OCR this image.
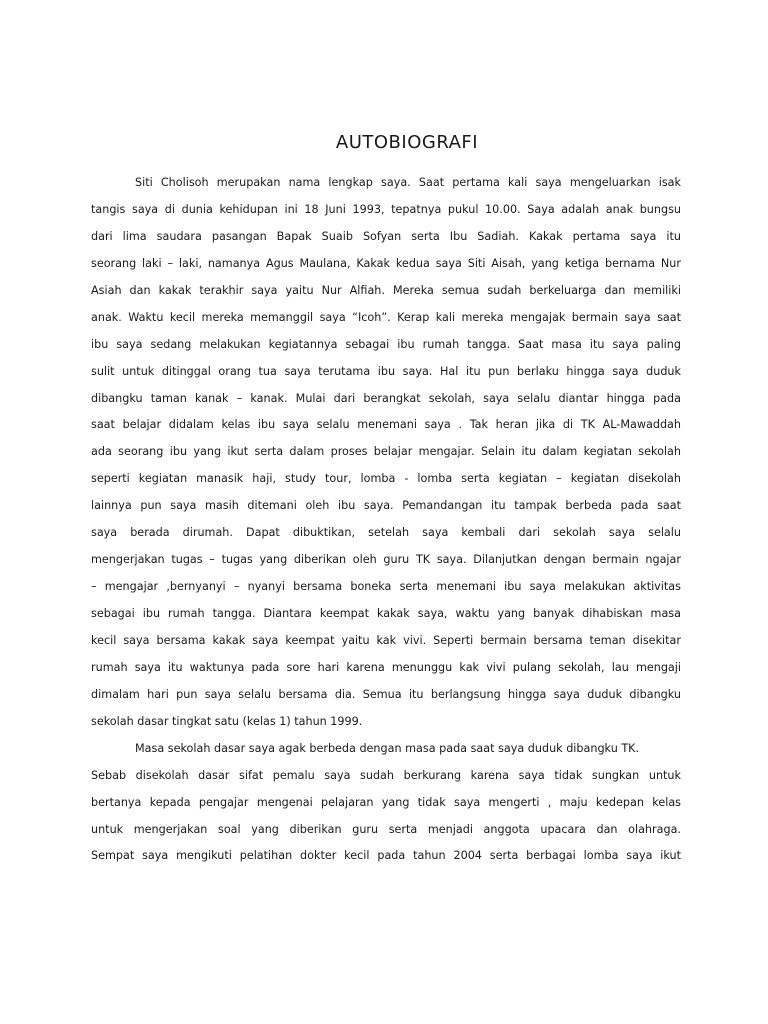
AUTOBIOGRAFI
Siti Cholisoh merupakan nama lengkap saya. Saat pertama kali saya mengeluarkan isak
tangis saya di dunia kehidupan ini 18 Juni 1993, tepatnya pukul 10.00. Saya adalah anak bungsu
dari lima saudara pasangan Bapak Suaib Sofyan serta Ibu Sadiah. Kakak pertama saya itu
seorang laki – laki, namanya Agus Maulana, Kakak kedua saya Siti Aisah, yang ketiga bernama Nur
Asiah dan kakak terakhir saya yaitu Nur Alfiah. Mereka semua sudah berkeluarga dan memiliki
anak. Waktu kecil mereka memanggil saya “Icoh”. Kerap kali mereka mengajak bermain saya saat
ibu saya sedang melakukan kegiatannya sebagai ibu rumah tangga. Saat masa itu saya paling
sulit untuk ditinggal orang tua saya terutama ibu saya. Hal itu pun berlaku hingga saya duduk
dibangku taman kanak – kanak. Mulai dari berangkat sekolah, saya selalu diantar hingga pada
saat belajar didalam kelas ibu saya selalu menemani saya . Tak heran jika di TK AL-Mawaddah
ada seorang ibu yang ikut serta dalam proses belajar mengajar. Selain itu dalam kegiatan sekolah
seperti kegiatan manasik haji, study tour, lomba - lomba serta kegiatan – kegiatan disekolah
lainnya pun saya masih ditemani oleh ibu saya. Pemandangan itu tampak berbeda pada saat
saya berada dirumah. Dapat dibuktikan, setelah saya kembali dari sekolah saya selalu
mengerjakan tugas – tugas yang diberikan oleh guru TK saya. Dilanjutkan dengan bermain ngajar
– mengajar ,bernyanyi – nyanyi bersama boneka serta menemani ibu saya melakukan aktivitas
sebagai ibu rumah tangga. Diantara keempat kakak saya, waktu yang banyak dihabiskan masa
kecil saya bersama kakak saya keempat yaitu kak vivi. Seperti bermain bersama teman disekitar
rumah saya itu waktunya pada sore hari karena menunggu kak vivi pulang sekolah, lau mengaji
dimalam hari pun saya selalu bersama dia. Semua itu berlangsung hingga saya duduk dibangku
sekolah dasar tingkat satu (kelas 1) tahun 1999.
Masa sekolah dasar saya agak berbeda dengan masa pada saat saya duduk dibangku TK.
Sebab disekolah dasar sifat pemalu saya sudah berkurang karena saya tidak sungkan untuk
bertanya kepada pengajar mengenai pelajaran yang tidak saya mengerti , maju kedepan kelas
untuk mengerjakan soal yang diberikan guru serta menjadi anggota upacara dan olahraga.
Sempat saya mengikuti pelatihan dokter kecil pada tahun 2004 serta berbagai lomba saya ikut
